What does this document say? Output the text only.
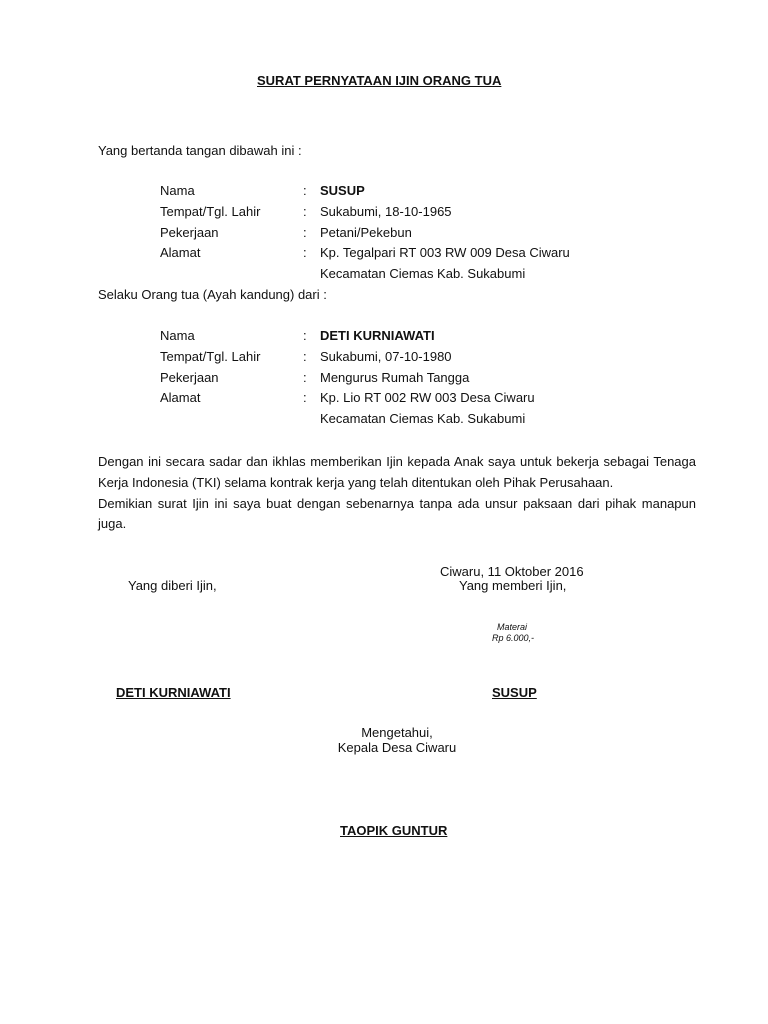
SURAT PERNYATAAN IJIN ORANG TUA
Yang bertanda tangan dibawah ini :
Nama	: SUSUP
Tempat/Tgl. Lahir	: Sukabumi, 18-10-1965
Pekerjaan	: Petani/Pekebun
Alamat	: Kp. Tegalpari RT 003 RW 009 Desa Ciwaru
Kecamatan Ciemas Kab. Sukabumi
Selaku Orang tua (Ayah kandung) dari :
Nama	: DETI KURNIAWATI
Tempat/Tgl. Lahir	: Sukabumi, 07-10-1980
Pekerjaan	: Mengurus Rumah Tangga
Alamat	: Kp. Lio RT 002 RW 003 Desa Ciwaru
Kecamatan Ciemas Kab. Sukabumi

Dengan ini secara sadar dan ikhlas memberikan Ijin kepada Anak saya untuk bekerja sebagai Tenaga Kerja Indonesia (TKI) selama kontrak kerja yang telah ditentukan oleh Pihak Perusahaan.

Demikian surat Ijin ini saya buat dengan sebenarnya tanpa ada unsur paksaan dari pihak manapun juga.

Ciwaru, 11 Oktober 2016
Yang diberi Ijin,	Yang memberi Ijin,
Materai
Rp 6.000,-
DETI KURNIAWATI	SUSUP
Mengetahui,
Kepala Desa Ciwaru
TAOPIK GUNTUR
